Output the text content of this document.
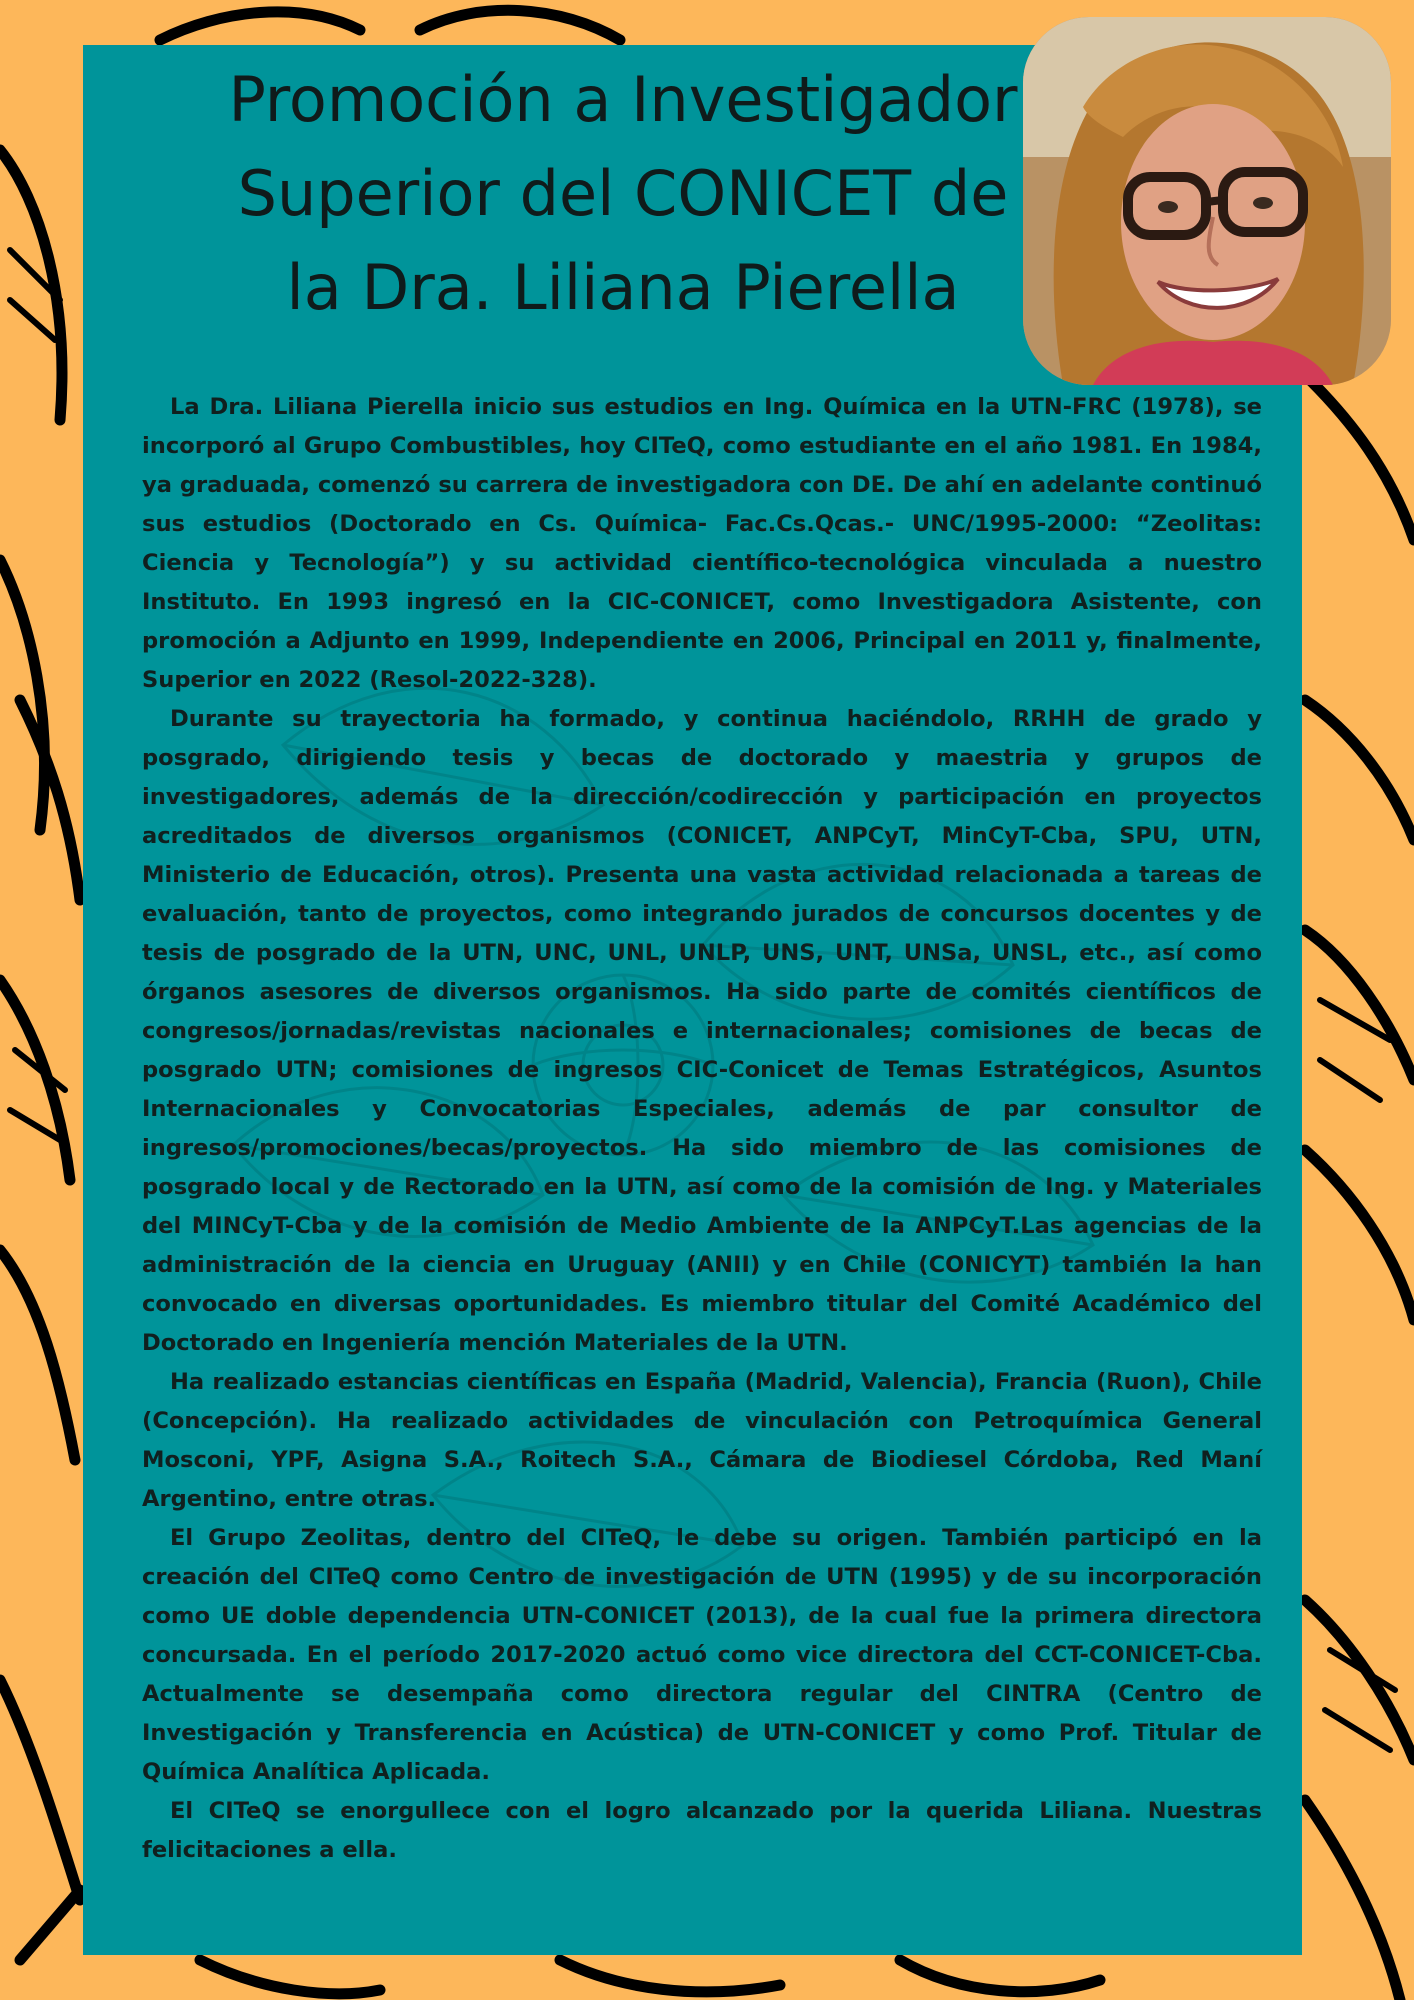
Promoción a Investigador
Superior del CONICET de
la Dra. Liliana Pierella

La Dra. Liliana Pierella inicio sus estudios en Ing. Química en la UTN-FRC (1978), se incorporó al Grupo Combustibles, hoy CITeQ, como estudiante en el año 1981. En 1984, ya graduada, comenzó su carrera de investigadora con DE. De ahí en adelante continuó sus estudios (Doctorado en Cs. Química- Fac.Cs.Qcas.- UNC/1995-2000: “Zeolitas: Ciencia y Tecnología”) y su actividad científico-tecnológica vinculada a nuestro Instituto. En 1993 ingresó en la CIC-CONICET, como Investigadora Asistente, con promoción a Adjunto en 1999, Independiente en 2006, Principal en 2011 y, finalmente, Superior en 2022 (Resol-2022-328).

Durante su trayectoria ha formado, y continua haciéndolo, RRHH de grado y posgrado, dirigiendo tesis y becas de doctorado y maestria y grupos de investigadores, además de la dirección/codirección y participación en proyectos acreditados de diversos organismos (CONICET, ANPCyT, MinCyT-Cba, SPU, UTN, Ministerio de Educación, otros). Presenta una vasta actividad relacionada a tareas de evaluación, tanto de proyectos, como integrando jurados de concursos docentes y de tesis de posgrado de la UTN, UNC, UNL, UNLP, UNS, UNT, UNSa, UNSL, etc., así como órganos asesores de diversos organismos. Ha sido parte de comités científicos de congresos/jornadas/revistas nacionales e internacionales; comisiones de becas de posgrado UTN; comisiones de ingresos CIC-Conicet de Temas Estratégicos, Asuntos Internacionales y Convocatorias Especiales, además de par consultor de ingresos/promociones/becas/proyectos. Ha sido miembro de las comisiones de posgrado local y de Rectorado en la UTN, así como de la comisión de Ing. y Materiales del MINCyT-Cba y de la comisión de Medio Ambiente de la ANPCyT.Las agencias de la administración de la ciencia en Uruguay (ANII) y en Chile (CONICYT) también la han convocado en diversas oportunidades. Es miembro titular del Comité Académico del Doctorado en Ingeniería mención Materiales de la UTN.

Ha realizado estancias científicas en España (Madrid, Valencia), Francia (Ruon), Chile (Concepción). Ha realizado actividades de vinculación con Petroquímica General Mosconi, YPF, Asigna S.A., Roitech S.A., Cámara de Biodiesel Córdoba, Red Maní Argentino, entre otras.

El Grupo Zeolitas, dentro del CITeQ, le debe su origen. También participó en la creación del CITeQ como Centro de investigación de UTN (1995) y de su incorporación como UE doble dependencia UTN-CONICET (2013), de la cual fue la primera directora concursada. En el período 2017-2020 actuó como vice directora del CCT-CONICET-Cba. Actualmente se desempaña como directora regular del CINTRA (Centro de Investigación y Transferencia en Acústica) de UTN-CONICET y como Prof. Titular de Química Analítica Aplicada.

El CITeQ se enorgullece con el logro alcanzado por la querida Liliana. Nuestras felicitaciones a ella.
